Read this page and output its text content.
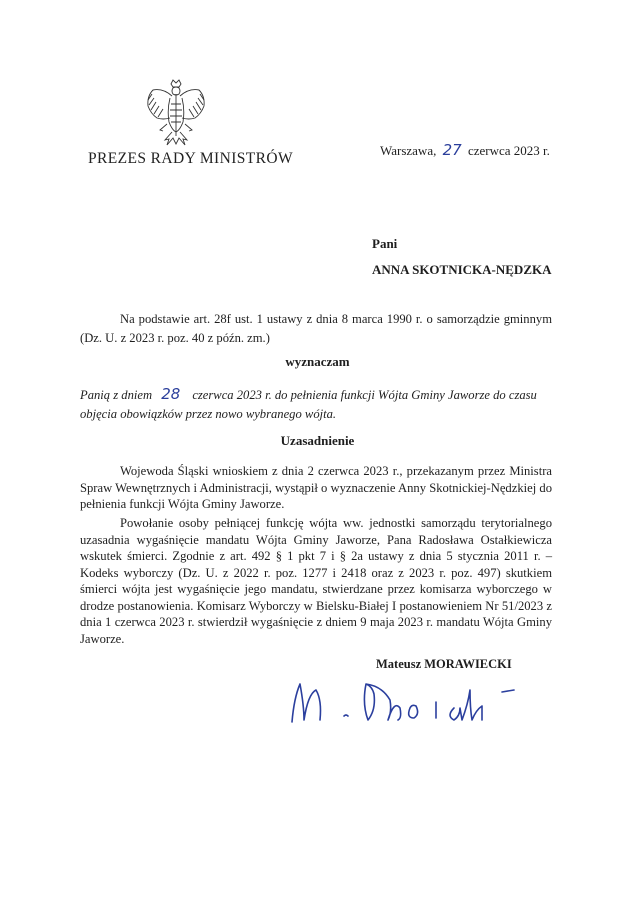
PREZES RADY MINISTRÓW	Warszawa, 27 czerwca 2023 r.
Pani
ANNA SKOTNICKA-NĘDZKA
Na podstawie art. 28f ust. 1 ustawy z dnia 8 marca 1990 r. o samorządzie gminnym (Dz. U. z 2023 r. poz. 40 z późn. zm.)
wyznaczam
Panią z dniem 28 czerwca 2023 r. do pełnienia funkcji Wójta Gminy Jaworze do czasu objęcia obowiązków przez nowo wybranego wójta.
Uzasadnienie
Wojewoda Śląski wnioskiem z dnia 2 czerwca 2023 r., przekazanym przez Ministra Spraw Wewnętrznych i Administracji, wystąpił o wyznaczenie Anny Skotnickiej-Nędzkiej do pełnienia funkcji Wójta Gminy Jaworze.
Powołanie osoby pełniącej funkcję wójta ww. jednostki samorządu terytorialnego uzasadnia wygaśnięcie mandatu Wójta Gminy Jaworze, Pana Radosława Ostałkiewicza wskutek śmierci. Zgodnie z art. 492 § 1 pkt 7 i § 2a ustawy z dnia 5 stycznia 2011 r. – Kodeks wyborczy (Dz. U. z 2022 r. poz. 1277 i 2418 oraz z 2023 r. poz. 497) skutkiem śmierci wójta jest wygaśnięcie jego mandatu, stwierdzane przez komisarza wyborczego w drodze postanowienia. Komisarz Wyborczy w Bielsku-Białej I postanowieniem Nr 51/2023 z dnia 1 czerwca 2023 r. stwierdził wygaśnięcie z dniem 9 maja 2023 r. mandatu Wójta Gminy Jaworze.
Mateusz MORAWIECKI
